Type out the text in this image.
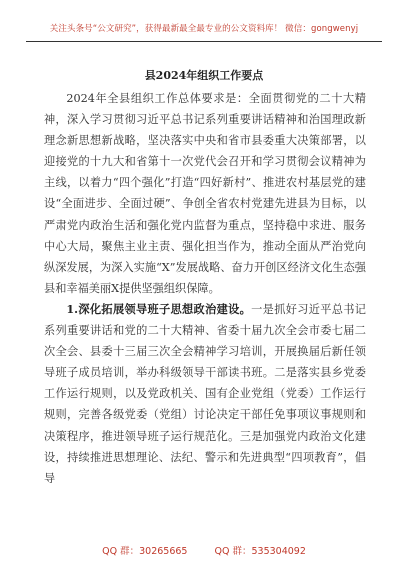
关注头条号“公文研究”，获得最新最全最专业的公文资料库！ 微信：gongwenyj
县2024年组织工作要点

2024年全县组织工作总体要求是：全面贯彻党的二十大精神，深入学习贯彻习近平总书记系列重要讲话精神和治国理政新理念新思想新战略，坚决落实中央和省市县委重大决策部署，以迎接党的十九大和省第十一次党代会召开和学习贯彻会议精神为主线，以着力“四个强化”打造“四好新村”、推进农村基层党的建设“全面进步、全面过硬”、争创全省农村党建先进县为目标，以严肃党内政治生活和强化党内监督为重点，坚持稳中求进、服务中心大局，聚焦主业主责、强化担当作为，推动全面从严治党向纵深发展，为深入实施“X”发展战略、奋力开创区经济文化生态强县和幸福美丽X提供坚强组织保障。

1.深化拓展领导班子思想政治建设。一是抓好习近平总书记系列重要讲话和党的二十大精神、省委十届九次全会市委七届二次全会、县委十三届三次全会精神学习培训，开展换届后新任领导班子成员培训，举办科级领导干部读书班。二是落实县乡党委工作运行规则，以及党政机关、国有企业党组（党委）工作运行规则，完善各级党委（党组）讨论决定干部任免事项议事规则和决策程序，推进领导班子运行规范化。三是加强党内政治文化建设，持续推进思想理论、法纪、警示和先进典型“四项教育”，倡导

QQ 群：30265665	QQ 群：535304092
